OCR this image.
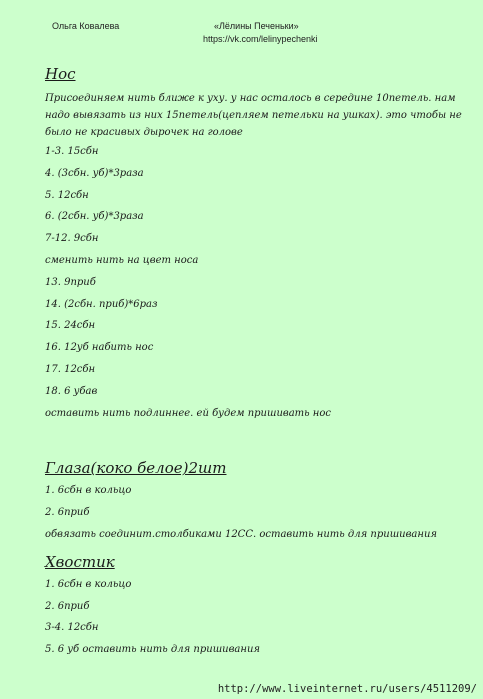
Ольга Ковалева	«Лёлины Печеньки»
https://vk.com/lelinypechenki
Нос
Присоединяем нить ближе к уху. у нас осталось в середине 10петель. нам надо вывязать из них 15петель(цепляем петельки на ушках). это чтобы не было не красивых дырочек на голове
1-3. 15сбн
4. (3сбн. уб)*3раза
5. 12сбн
6. (2сбн. уб)*3раза
7-12. 9сбн
сменить нить на цвет носа
13. 9приб
14. (2сбн. приб)*6раз
15. 24сбн
16. 12уб набить нос
17. 12сбн
18. 6 убав
оставить нить подлиннее. ей будем пришивать нос
Глаза(коко белое)2шт
1. 6сбн в кольцо
2. 6приб
обвязать соединит.столбиками 12СС. оставить нить для пришивания
Хвостик
1. 6сбн в кольцо
2. 6приб
3-4. 12сбн
5. 6 уб оставить нить для пришивания
http://www.liveinternet.ru/users/4511209/
